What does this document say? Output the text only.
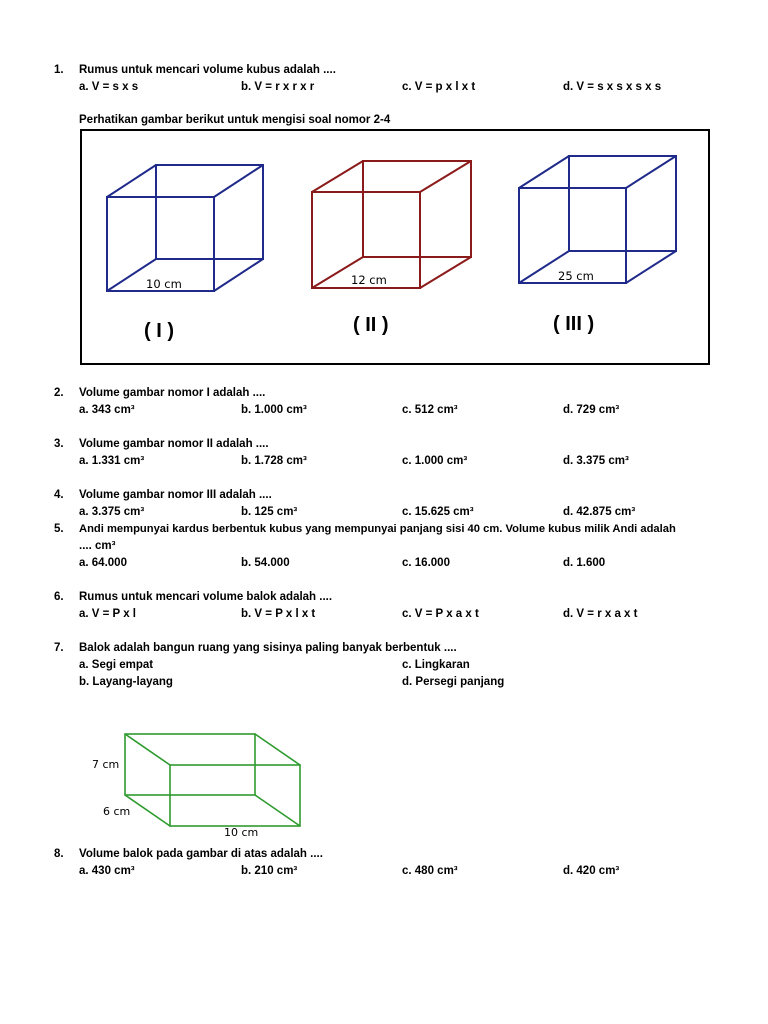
1. Rumus untuk mencari volume kubus adalah ....
a. V = s x s	b. V = r x r x r	c. V = p x l x t	d. V = s x s x s x s
Perhatikan gambar berikut untuk mengisi soal nomor 2-4
10 cm
( I )
12 cm
( II )
25 cm
( III )
2. Volume gambar nomor I adalah ....
a. 343 cm³	b. 1.000 cm³	c. 512 cm³	d. 729 cm³
3. Volume gambar nomor II adalah ....
a. 1.331 cm³	b. 1.728 cm³	c. 1.000 cm³	d. 3.375 cm³
4. Volume gambar nomor III adalah ....
a. 3.375 cm³	b. 125 cm³	c. 15.625 cm³	d. 42.875 cm³
5. Andi mempunyai kardus berbentuk kubus yang mempunyai panjang sisi 40 cm. Volume kubus milik Andi adalah
.... cm³
a. 64.000	b. 54.000	c. 16.000	d. 1.600
6. Rumus untuk mencari volume balok adalah ....
a. V = P x l	b. V = P x l x t	c. V = P x a x t	d. V = r x a x t
7. Balok adalah bangun ruang yang sisinya paling banyak berbentuk ....
a. Segi empat	c. Lingkaran
b. Layang-layang	d. Persegi panjang
7 cm
6 cm
10 cm
8. Volume balok pada gambar di atas adalah ....
a. 430 cm³	b. 210 cm³	c. 480 cm³	d. 420 cm³
